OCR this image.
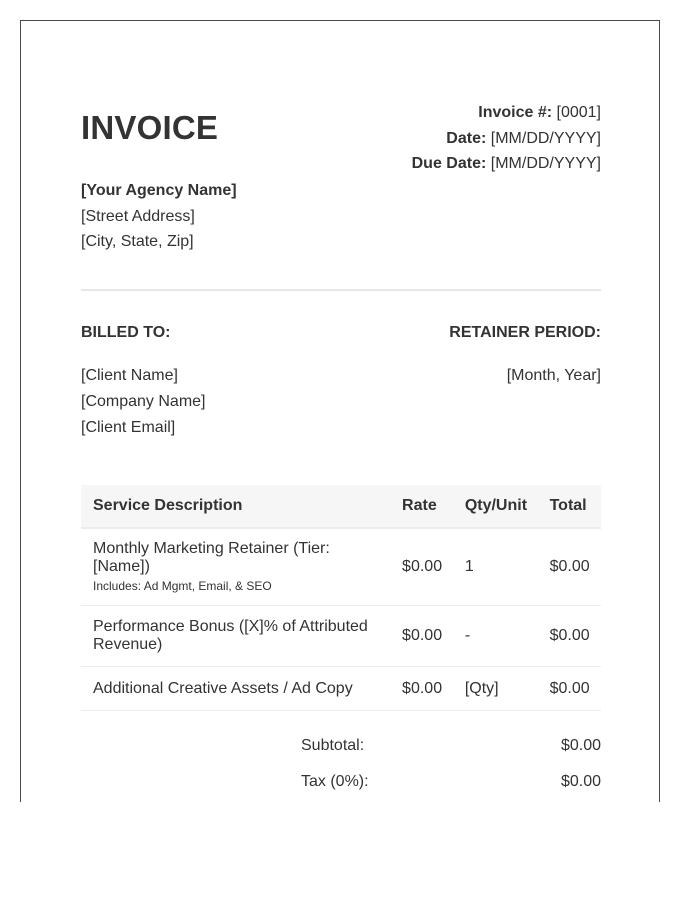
INVOICE	Invoice #: [0001]
Date: [MM/DD/YYYY]
Due Date: [MM/DD/YYYY]
[Your Agency Name]
[Street Address]
[City, State, Zip]
BILLED TO:
[Client Name]
[Company Name]
[Client Email]
RETAINER PERIOD:
[Month, Year]
Service Description	Rate	Qty/Unit	Total

Monthly Marketing Retainer (Tier: [Name])
Includes: Ad Mgmt, Email, & SEO	$0.00	1	$0.00

Performance Bonus ([X]% of Attributed Revenue)	$0.00	-	$0.00

Additional Creative Assets / Ad Copy	$0.00	[Qty]	$0.00
Subtotal:	$0.00
Tax (0%):	$0.00
